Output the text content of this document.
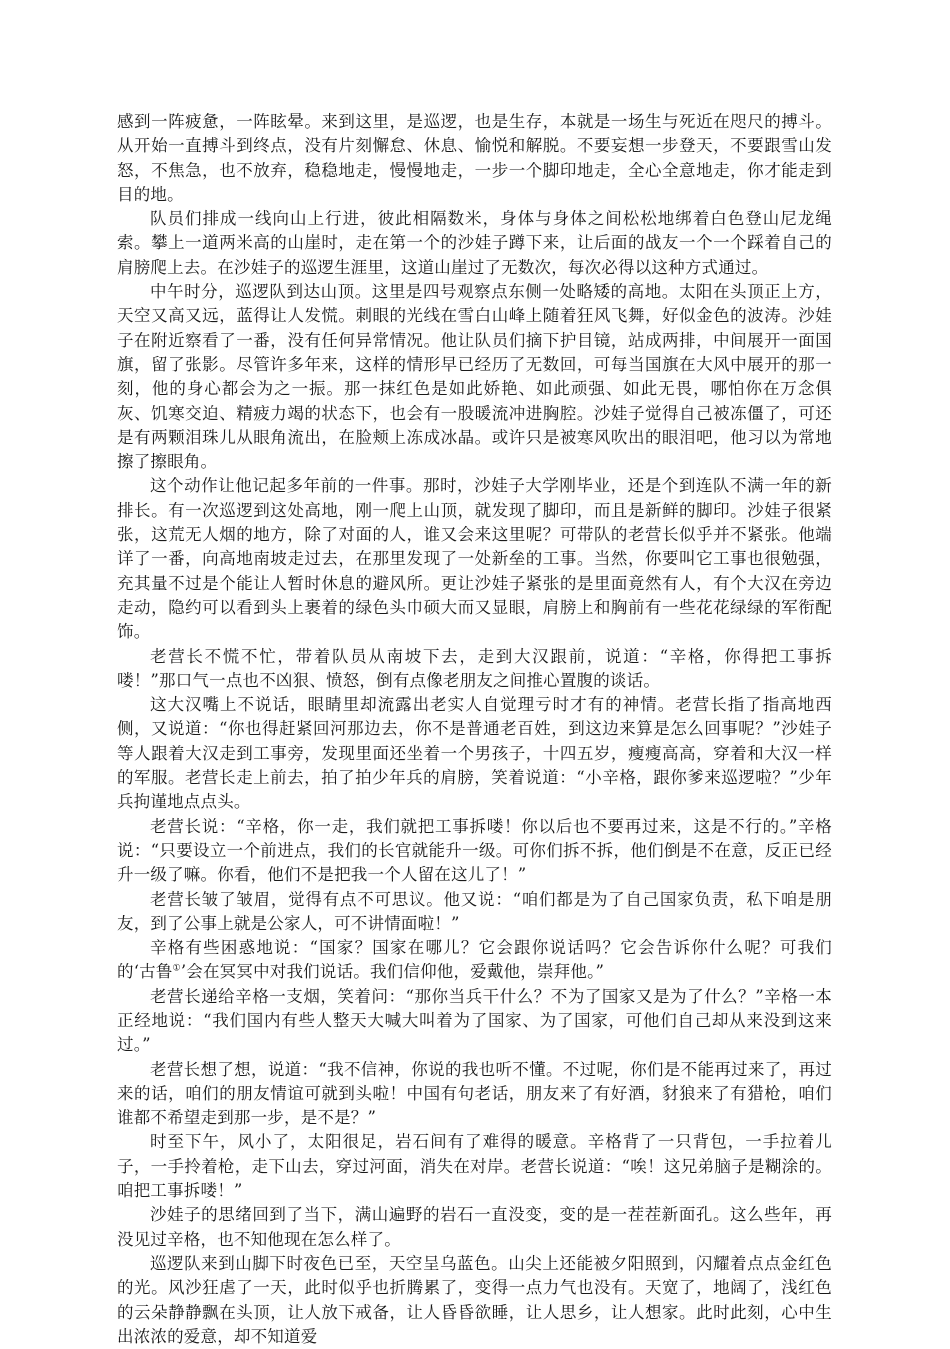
感到一阵疲惫，一阵眩晕。来到这里，是巡逻，也是生存，本就是一场生与死近在咫尺的搏斗。从开始一直搏斗到终点，没有片刻懈怠、休息、愉悦和解脱。不要妄想一步登天，不要跟雪山发怒，不焦急，也不放弃，稳稳地走，慢慢地走，一步一个脚印地走，全心全意地走，你才能走到目的地。

队员们排成一线向山上行进，彼此相隔数米，身体与身体之间松松地绑着白色登山尼龙绳索。攀上一道两米高的山崖时，走在第一个的沙娃子蹲下来，让后面的战友一个一个踩着自己的肩膀爬上去。在沙娃子的巡逻生涯里，这道山崖过了无数次，每次必得以这种方式通过。

中午时分，巡逻队到达山顶。这里是四号观察点东侧一处略矮的高地。太阳在头顶正上方，天空又高又远，蓝得让人发慌。刺眼的光线在雪白山峰上随着狂风飞舞，好似金色的波涛。沙娃子在附近察看了一番，没有任何异常情况。他让队员们摘下护目镜，站成两排，中间展开一面国旗，留了张影。尽管许多年来，这样的情形早已经历了无数回，可每当国旗在大风中展开的那一刻，他的身心都会为之一振。那一抹红色是如此娇艳、如此顽强、如此无畏，哪怕你在万念俱灰、饥寒交迫、精疲力竭的状态下，也会有一股暖流冲进胸腔。沙娃子觉得自己被冻僵了，可还是有两颗泪珠儿从眼角流出，在脸颊上冻成冰晶。或许只是被寒风吹出的眼泪吧，他习以为常地擦了擦眼角。

这个动作让他记起多年前的一件事。那时，沙娃子大学刚毕业，还是个到连队不满一年的新排长。有一次巡逻到这处高地，刚一爬上山顶，就发现了脚印，而且是新鲜的脚印。沙娃子很紧张，这荒无人烟的地方，除了对面的人，谁又会来这里呢？可带队的老营长似乎并不紧张。他端详了一番，向高地南坡走过去，在那里发现了一处新垒的工事。当然，你要叫它工事也很勉强，充其量不过是个能让人暂时休息的避风所。更让沙娃子紧张的是里面竟然有人，有个大汉在旁边走动，隐约可以看到头上裹着的绿色头巾硕大而又显眼，肩膀上和胸前有一些花花绿绿的军衔配饰。

老营长不慌不忙，带着队员从南坡下去，走到大汉跟前，说道：“辛格，你得把工事拆喽！”那口气一点也不凶狠、愤怒，倒有点像老朋友之间推心置腹的谈话。

这大汉嘴上不说话，眼睛里却流露出老实人自觉理亏时才有的神情。老营长指了指高地西侧，又说道：“你也得赶紧回河那边去，你不是普通老百姓，到这边来算是怎么回事呢？”沙娃子等人跟着大汉走到工事旁，发现里面还坐着一个男孩子，十四五岁，瘦瘦高高，穿着和大汉一样的军服。老营长走上前去，拍了拍少年兵的肩膀，笑着说道：“小辛格，跟你爹来巡逻啦？”少年兵拘谨地点点头。

老营长说：“辛格，你一走，我们就把工事拆喽！你以后也不要再过来，这是不行的。”辛格说：“只要设立一个前进点，我们的长官就能升一级。可你们拆不拆，他们倒是不在意，反正已经升一级了嘛。你看，他们不是把我一个人留在这儿了！”

老营长皱了皱眉，觉得有点不可思议。他又说：“咱们都是为了自己国家负责，私下咱是朋友，到了公事上就是公家人，可不讲情面啦！”

辛格有些困惑地说：“国家？国家在哪儿？它会跟你说话吗？它会告诉你什么呢？可我们的‘古鲁①’会在冥冥中对我们说话。我们信仰他，爱戴他，崇拜他。”

老营长递给辛格一支烟，笑着问：“那你当兵干什么？不为了国家又是为了什么？”辛格一本正经地说：“我们国内有些人整天大喊大叫着为了国家、为了国家，可他们自己却从来没到这来过。”

老营长想了想，说道：“我不信神，你说的我也听不懂。不过呢，你们是不能再过来了，再过来的话，咱们的朋友情谊可就到头啦！中国有句老话，朋友来了有好酒，豺狼来了有猎枪，咱们谁都不希望走到那一步，是不是？”

时至下午，风小了，太阳很足，岩石间有了难得的暖意。辛格背了一只背包，一手拉着儿子，一手拎着枪，走下山去，穿过河面，消失在对岸。老营长说道：“唉！这兄弟脑子是糊涂的。咱把工事拆喽！”

沙娃子的思绪回到了当下，满山遍野的岩石一直没变，变的是一茬茬新面孔。这么些年，再没见过辛格，也不知他现在怎么样了。

巡逻队来到山脚下时夜色已至，天空呈乌蓝色。山尖上还能被夕阳照到，闪耀着点点金红色的光。风沙狂虐了一天，此时似乎也折腾累了，变得一点力气也没有。天宽了，地阔了，浅红色的云朵静静飘在头顶，让人放下戒备，让人昏昏欲睡，让人思乡，让人想家。此时此刻，心中生出浓浓的爱意，却不知道爱
